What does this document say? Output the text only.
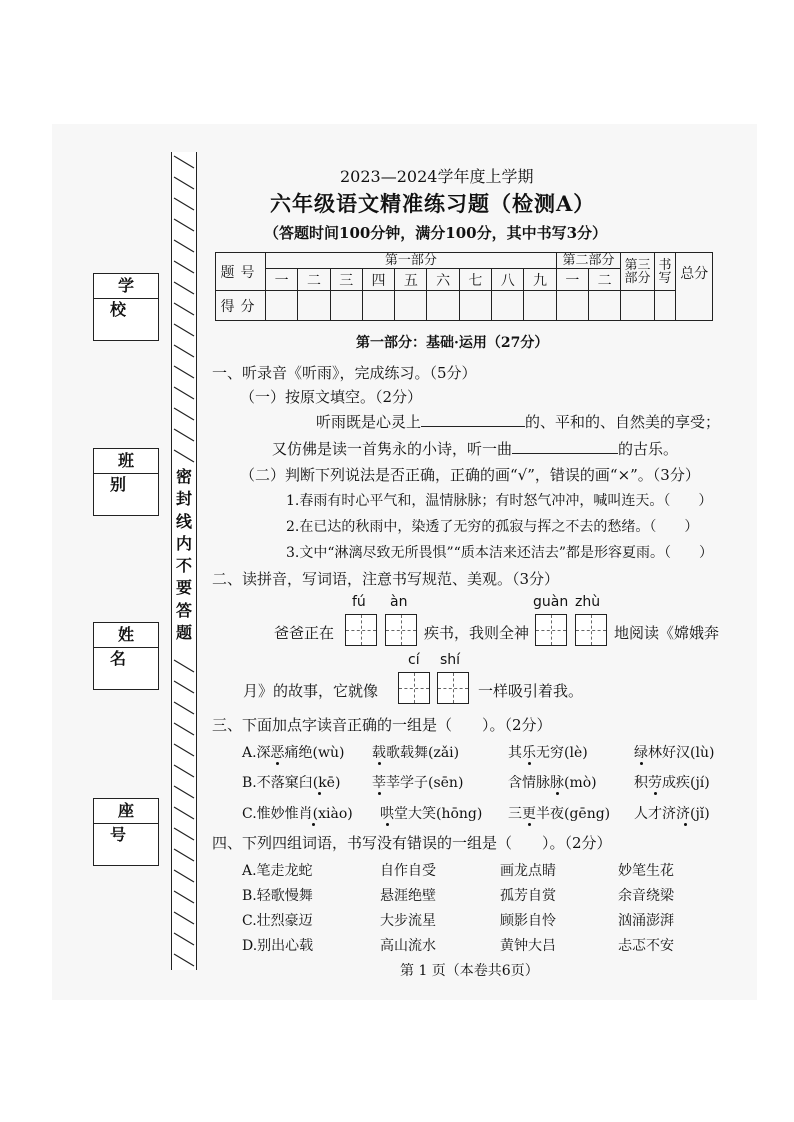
学 校
班 别
姓 名
座 号
密
封
线
内
不
要
答
题
2023—2024学年度上学期
六年级语文精准练习题（检测A）
（答题时间100分钟，满分100分，其中书写3分）
题号	第一部分									第二部分		第三部分	书写	总分
	一	二	三	四	五	六	七	八	九	一	二			
得分														
第一部分：基础·运用（27分）
一、听录音《听雨》，完成练习。（5分）
（一）按原文填空。（2分）
听雨既是心灵上	的、平和的、自然美的享受；
又仿佛是读一首隽永的小诗，听一曲	的古乐。
（二）判断下列说法是否正确，正确的画“√”，错误的画“×”。（3分）
1.春雨有时心平气和，温情脉脉；有时怒气冲冲，喊叫连天。（　　）
2.在已达的秋雨中，染透了无穷的孤寂与挥之不去的愁绪。（　　）
3.文中“淋漓尽致无所畏惧”“质本洁来还洁去”都是形容夏雨。（　　）
二、读拼音，写词语，注意书写规范、美观。（3分）
fú àn	guàn zhù
爸爸正在	疾书，我则全神	地阅读《嫦娥奔
cí shí
月》的故事，它就像	一样吸引着我。
三、下面加点字读音正确的一组是（　　）。（2分）
A.深恶痛绝(wù) 载歌载舞(zǎi)	其乐无穷(lè)	绿林好汉(lù)
B.不落窠臼(kē) 莘莘学子(sēn)	含情脉脉(mò)	积劳成疾(jí)
C.惟妙惟肖(xiào) 哄堂大笑(hōng) 三更半夜(gēng) 人才济济(jǐ)
四、下列四组词语，书写没有错误的一组是（　　）。（2分）
A.笔走龙蛇	自作自受	画龙点睛	妙笔生花
B.轻歌慢舞	悬涯绝壁	孤芳自赏	余音绕梁
C.壮烈豪迈	大步流星	顾影自怜	汹涌澎湃
D.别出心载	高山流水	黄钟大吕	忐忑不安
第 1 页（本卷共6页）
